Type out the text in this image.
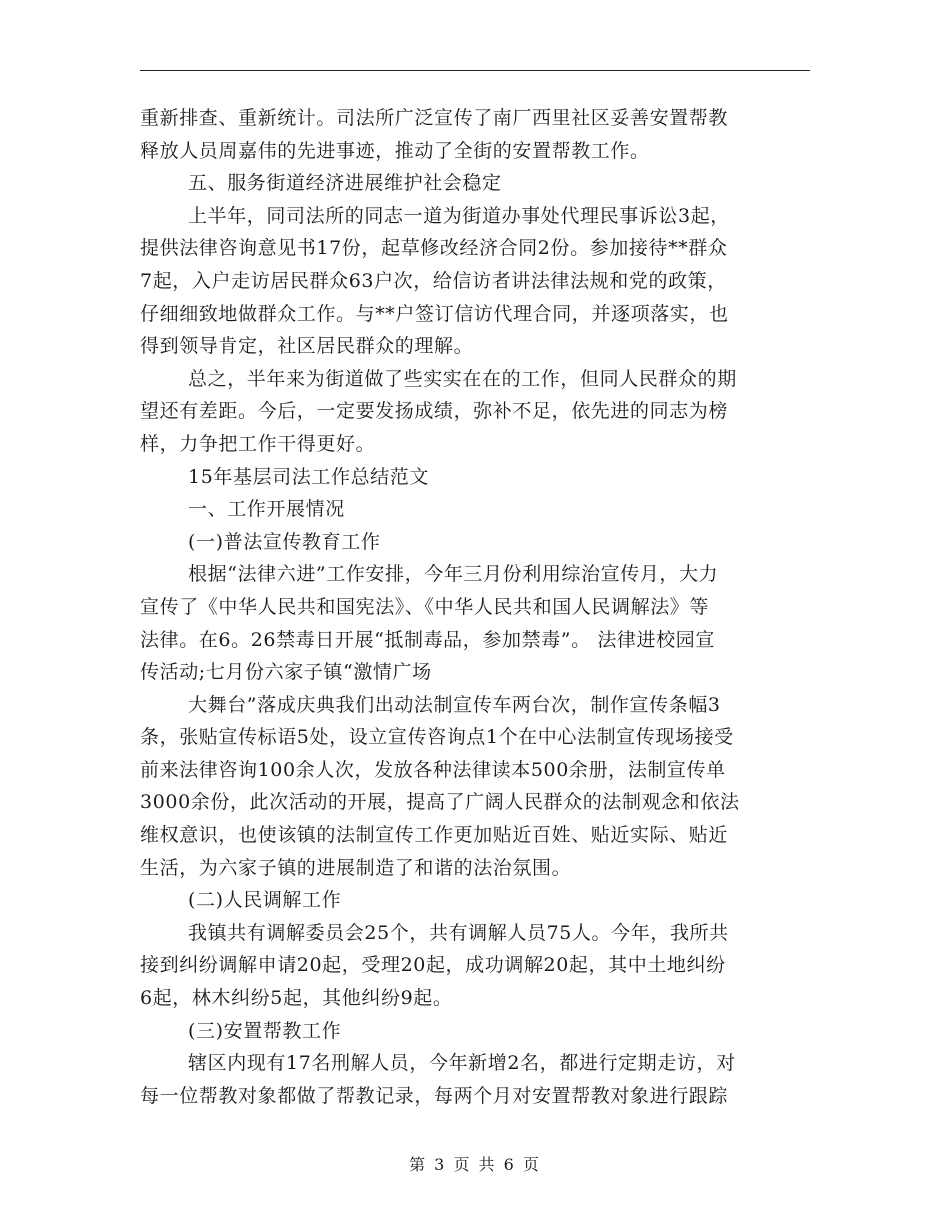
重新排查、重新统计。司法所广泛宣传了南厂西里社区妥善安置帮教
释放人员周嘉伟的先进事迹，推动了全街的安置帮教工作。
五、服务街道经济进展维护社会稳定
上半年，同司法所的同志一道为街道办事处代理民事诉讼3起，
提供法律咨询意见书17份，起草修改经济合同2份。参加接待**群众
7起，入户走访居民群众63户次，给信访者讲法律法规和党的政策，
仔细细致地做群众工作。与**户签订信访代理合同，并逐项落实，也
得到领导肯定，社区居民群众的理解。
总之，半年来为街道做了些实实在在的工作，但同人民群众的期
望还有差距。今后，一定要发扬成绩，弥补不足，依先进的同志为榜
样，力争把工作干得更好。
15年基层司法工作总结范文
一、工作开展情况
(一)普法宣传教育工作
根据“法律六进”工作安排，今年三月份利用综治宣传月，大力
宣传了《中华人民共和国宪法》、《中华人民共和国人民调解法》等
法律。在6。26禁毒日开展“抵制毒品，参加禁毒”。 法律进校园宣
传活动;七月份六家子镇“激情广场
大舞台”落成庆典我们出动法制宣传车两台次，制作宣传条幅3
条，张贴宣传标语5处，设立宣传咨询点1个在中心法制宣传现场接受
前来法律咨询100余人次，发放各种法律读本500余册，法制宣传单
3000余份，此次活动的开展，提高了广阔人民群众的法制观念和依法
维权意识，也使该镇的法制宣传工作更加贴近百姓、贴近实际、贴近
生活，为六家子镇的进展制造了和谐的法治氛围。
(二)人民调解工作
我镇共有调解委员会25个，共有调解人员75人。今年，我所共
接到纠纷调解申请20起，受理20起，成功调解20起，其中土地纠纷
6起，林木纠纷5起，其他纠纷9起。
(三)安置帮教工作
辖区内现有17名刑解人员，今年新增2名，都进行定期走访，对
每一位帮教对象都做了帮教记录，每两个月对安置帮教对象进行跟踪
第 3 页 共 6 页
